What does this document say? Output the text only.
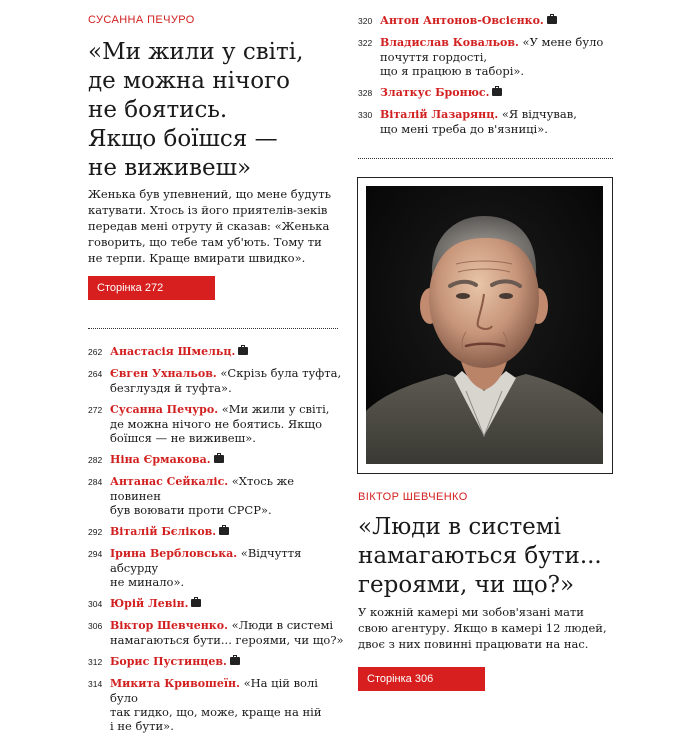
СУСАННА ПЕЧУРО
«Ми жили у світі,
де можна нічого
не боятись.
Якщо боїшся —
не виживеш»
Женька був упевнений, що мене будуть
катувати. Хтось із його приятелів-зеків
передав мені отруту й сказав: «Женька
говорить, що тебе там уб'ють. Тому ти
не терпи. Краще вмирати швидко».
Сторінка 272
262 Анастасія Шмельц.
264 Євген Ухнальов. «Скрізь була туфта,
безглуздя й туфта».
272 Сусанна Печуро. «Ми жили у світі,
де можна нічого не боятись. Якщо
боїшся — не виживеш».
282 Ніна Єрмакова.
284 Антанас Сейкаліс. «Хтось же повинен
був воювати проти СРСР».
292 Віталій Бєліков.
294 Ірина Вербловська. «Відчуття абсурду
не минало».
304 Юрій Левін.
306 Віктор Шевченко. «Люди в системі
намагаються бути... героями, чи що?»
312 Борис Пустинцев.
314 Микита Кривошеїн. «На цій волі було
так гидко, що, може, краще на ній
і не бути».
320 Антон Антонов-Овсієнко.
322 Владислав Ковальов. «У мене було почуття гордості,
що я працюю в таборі».
328 Златкус Бронюс.
330 Віталій Лазарянц. «Я відчував,
що мені треба до в'язниці».
ВІКТОР ШЕВЧЕНКО
«Люди в системі
намагаються бути...
героями, чи що?»
У кожній камері ми зобов'язані мати
свою агентуру. Якщо в камері 12 людей,
двоє з них повинні працювати на нас.
Сторінка 306
